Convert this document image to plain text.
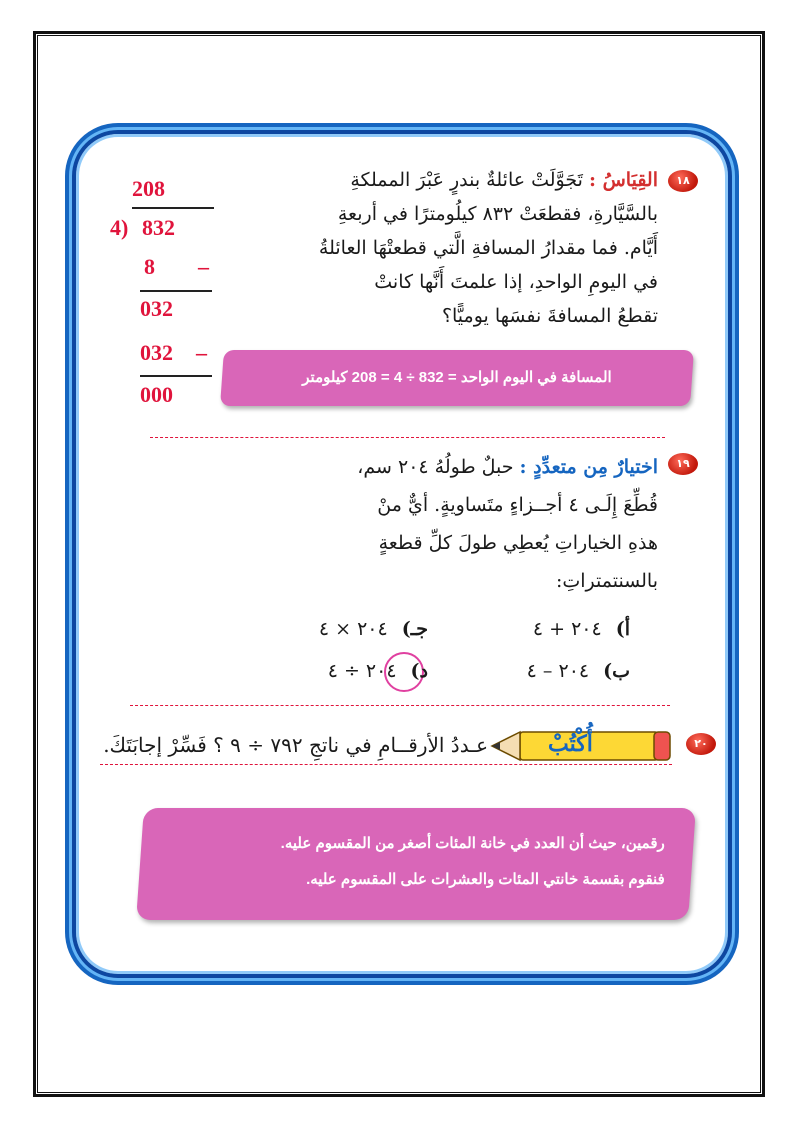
١٨
القِيَاسُ : تَجَوَّلَتْ عائلةٌ بندرٍ عَبْرَ المملكةِ
بالسَّيَّارةِ، فقطعَتْ ٨٣٢ كيلُومترًا في أربعةِ
أَيَّام. فما مقدارُ المسافةِ الَّتي قطعتْهَا العائلةُ
في اليومِ الواحدِ، إذا علمتَ أَنَّها كانتْ
تقطعُ المسافةَ نفسَها يوميًّا؟
208
4) 832
8 –
032
032 –
000
المسافة في اليوم الواحد = 832 ÷ 4 = 208 كيلومتر
١٩
اختيارٌ مِن متعدِّدٍ : حبلٌ طولُهُ ٢٠٤ سم،
قُطِّعَ إِلَـى ٤ أجــزاءٍ متَساويةٍ. أيٌّ منْ
هذهِ الخياراتِ يُعطِي طولَ كلِّ قطعةٍ
بالسنتمتراتِ:
أ)٢٠٤ + ٤
ب)٢٠٤ – ٤
جـ)٢٠٤ × ٤
د)٢٠٤ ÷ ٤
٢٠
أُكْتُبْ
عـددُ الأرقــامِ في ناتجِ ٧٩٢ ÷ ٩ ؟ فَسِّرْ إجابَتَكَ.
رقمين، حيث أن العدد في خانة المئات أصغر من المقسوم عليه.
فنقوم بقسمة خانتي المئات والعشرات على المقسوم عليه.
